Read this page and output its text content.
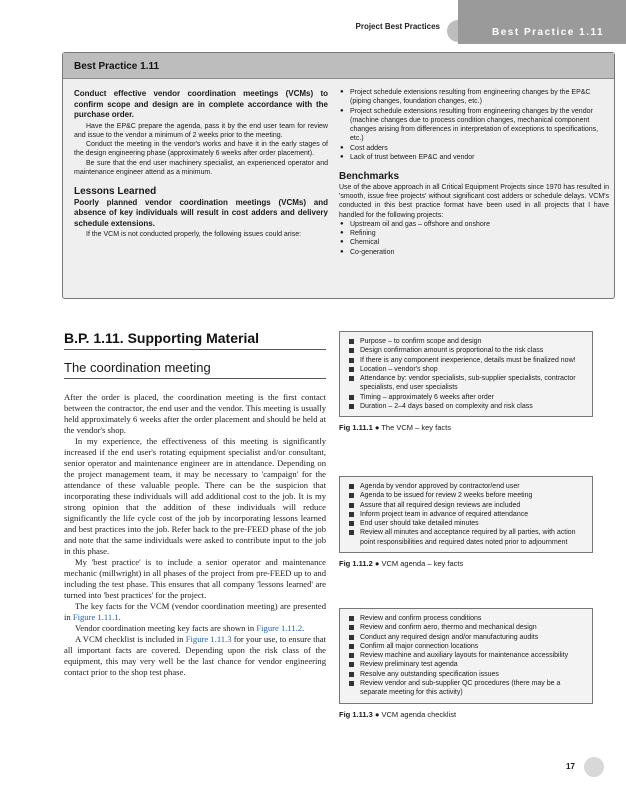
Project Best Practices
Best Practice 1.11
Best Practice 1.11
Conduct effective vendor coordination meetings (VCMs) to confirm scope and design are in complete accordance with the purchase order.

Have the EP&C prepare the agenda, pass it by the end user team for review and issue to the vendor a minimum of 2 weeks prior to the meeting.

Conduct the meeting in the vendor's works and have it in the early stages of the design engineering phase (approximately 6 weeks after order placement).

Be sure that the end user machinery specialist, an experienced operator and maintenance engineer attend as a minimum.

Lessons Learned
Poorly planned vendor coordination meetings (VCMs) and absence of key individuals will result in cost adders and delivery schedule extensions.

If the VCM is not conducted properly, the following issues could arise:

● Project schedule extensions resulting from engineering changes by the EP&C (piping changes, foundation changes, etc.)
● Project schedule extensions resulting from engineering changes by the vendor (machine changes due to process condition changes, mechanical component changes arising from differences in interpretation of exceptions to specifications, etc.)
● Cost adders
● Lack of trust between EP&C and vendor
Benchmarks

Use of the above approach in all Critical Equipment Projects since 1970 has resulted in 'smooth, issue free projects' without significant cost adders or schedule delays. VCM's conducted in this best practice format have been used in all projects that I have handled for the following projects:

● Upstream oil and gas – offshore and onshore
● Refining
● Chemical
● Co-generation
B.P. 1.11. Supporting Material
The coordination meeting

After the order is placed, the coordination meeting is the first contact between the contractor, the end user and the vendor. This meeting is usually held approximately 6 weeks after the order placement and should be held at the vendor's shop.

In my experience, the effectiveness of this meeting is significantly increased if the end user's rotating equipment specialist and/or consultant, senior operator and maintenance engineer are in attendance. Depending on the project management team, it may be necessary to 'campaign' for the attendance of these valuable people. There can be the suspicion that incorporating these individuals will add additional cost to the job. It is my strong opinion that the addition of these individuals will reduce significantly the life cycle cost of the job by incorporating lessons learned and best practices into the job. Refer back to the pre-FEED phase of the job and note that the same individuals were asked to contribute input to the job in this phase.

My 'best practice' is to include a senior operator and maintenance mechanic (millwright) in all phases of the project from pre-FEED up to and including the test phase. This ensures that all company 'lessons learned' are turned into 'best practices' for the project.

The key facts for the VCM (vendor coordination meeting) are presented in Figure 1.11.1.

Vendor coordination meeting key facts are shown in Figure 1.11.2.

A VCM checklist is included in Figure 1.11.3 for your use, to ensure that all important facts are covered. Depending upon the risk class of the equipment, this may very well be the last chance for vendor engineering contact prior to the shop test phase.

Purpose – to confirm scope and design
Design confirmation amount is proportional to the risk class
If there is any component inexperience, details must be finalized now!
Location – vendor's shop
Attendance by: vendor specialists, sub-supplier specialists, contractor specialists, end user specialists
Timing – approximately 6 weeks after order
Duration – 2–4 days based on complexity and risk class
Fig 1.11.1 ● The VCM – key facts
Agenda by vendor approved by contractor/end user
Agenda to be issued for review 2 weeks before meeting
Assure that all required design reviews are included
Inform project team in advance of required attendance
End user should take detailed minutes
Review all minutes and acceptance required by all parties, with action point responsibilities and required dates noted prior to adjournment
Fig 1.11.2 ● VCM agenda – key facts
Review and confirm process conditions
Review and confirm aero, thermo and mechanical design
Conduct any required design and/or manufacturing audits
Confirm all major connection locations
Review machine and auxiliary layouts for maintenance accessibility
Review preliminary test agenda
Resolve any outstanding specification issues
Review vendor and sub-supplier QC procedures (there may be a separate meeting for this activity)
Fig 1.11.3 ● VCM agenda checklist
17
